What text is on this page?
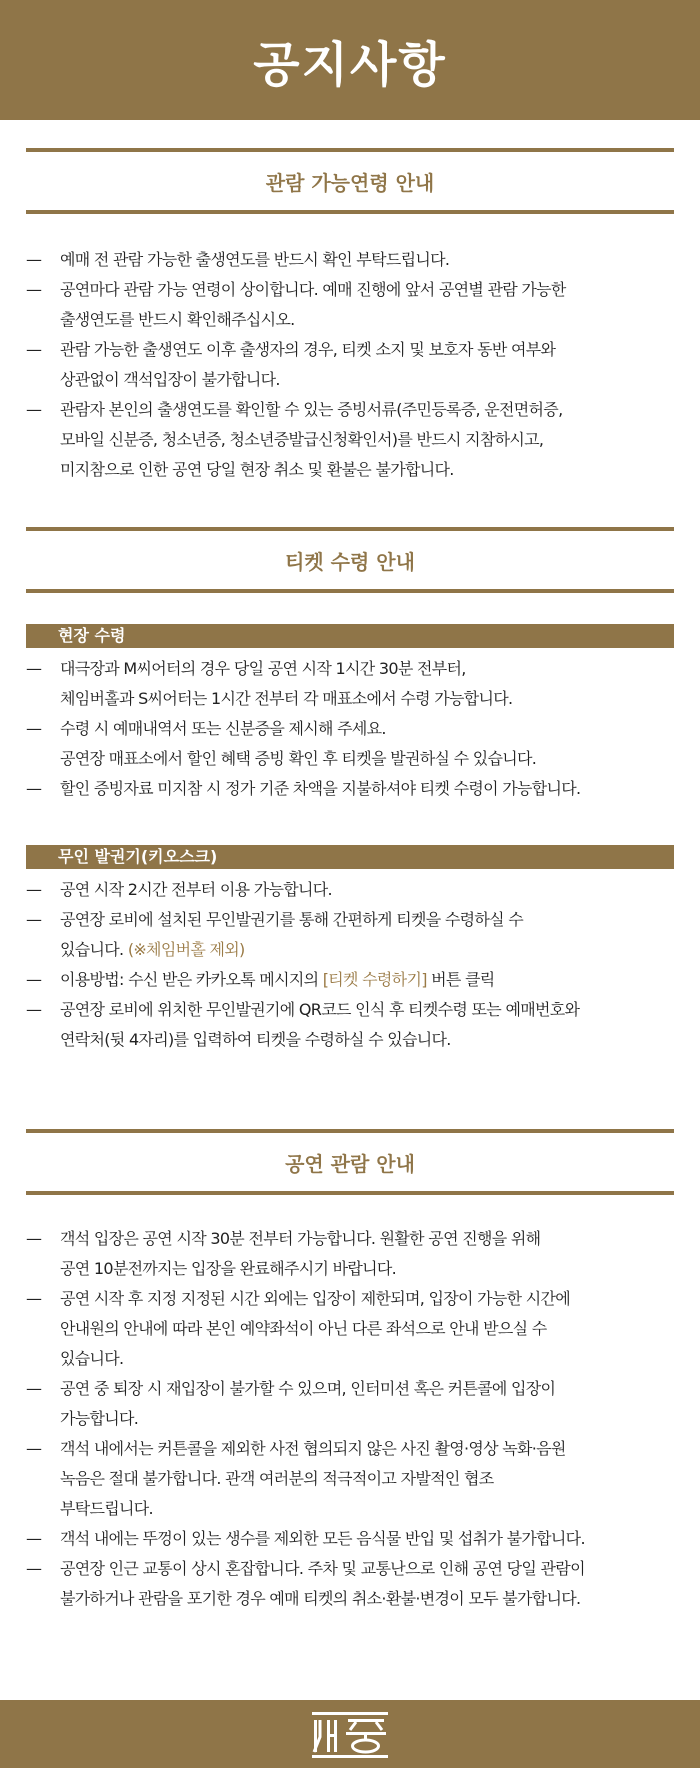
공지사항
관람 가능연령 안내
—	예매 전 관람 가능한 출생연도를 반드시 확인 부탁드립니다.
—	공연마다 관람 가능 연령이 상이합니다. 예매 진행에 앞서 공연별 관람 가능한
출생연도를 반드시 확인해주십시오.
—	관람 가능한 출생연도 이후 출생자의 경우, 티켓 소지 및 보호자 동반 여부와
상관없이 객석입장이 불가합니다.
—	관람자 본인의 출생연도를 확인할 수 있는 증빙서류(주민등록증, 운전면허증,
모바일 신분증, 청소년증, 청소년증발급신청확인서)를 반드시 지참하시고,
미지참으로 인한 공연 당일 현장 취소 및 환불은 불가합니다.
티켓 수령 안내
현장 수령
—	대극장과 M씨어터의 경우 당일 공연 시작 1시간 30분 전부터,
체임버홀과 S씨어터는 1시간 전부터 각 매표소에서 수령 가능합니다.
—	수령 시 예매내역서 또는 신분증을 제시해 주세요.
공연장 매표소에서 할인 혜택 증빙 확인 후 티켓을 발권하실 수 있습니다.
—	할인 증빙자료 미지참 시 정가 기준 차액을 지불하셔야 티켓 수령이 가능합니다.
무인 발권기(키오스크)
—	공연 시작 2시간 전부터 이용 가능합니다.
—	공연장 로비에 설치된 무인발권기를 통해 간편하게 티켓을 수령하실 수
있습니다. (※체임버홀 제외)
—	이용방법: 수신 받은 카카오톡 메시지의 [티켓 수령하기] 버튼 클릭
—	공연장 로비에 위치한 무인발권기에 QR코드 인식 후 티켓수령 또는 예매번호와
연락처(뒷 4자리)를 입력하여 티켓을 수령하실 수 있습니다.
공연 관람 안내
—	객석 입장은 공연 시작 30분 전부터 가능합니다. 원활한 공연 진행을 위해
공연 10분전까지는 입장을 완료해주시기 바랍니다.
—	공연 시작 후 지정 지정된 시간 외에는 입장이 제한되며, 입장이 가능한 시간에
안내원의 안내에 따라 본인 예약좌석이 아닌 다른 좌석으로 안내 받으실 수
있습니다.
—	공연 중 퇴장 시 재입장이 불가할 수 있으며, 인터미션 혹은 커튼콜에 입장이
가능합니다.
—	객석 내에서는 커튼콜을 제외한 사전 협의되지 않은 사진 촬영·영상 녹화·음원
녹음은 절대 불가합니다. 관객 여러분의 적극적이고 자발적인 협조
부탁드립니다.
—	객석 내에는 뚜껑이 있는 생수를 제외한 모든 음식물 반입 및 섭취가 불가합니다.
—	공연장 인근 교통이 상시 혼잡합니다. 주차 및 교통난으로 인해 공연 당일 관람이
불가하거나 관람을 포기한 경우 예매 티켓의 취소·환불·변경이 모두 불가합니다.
